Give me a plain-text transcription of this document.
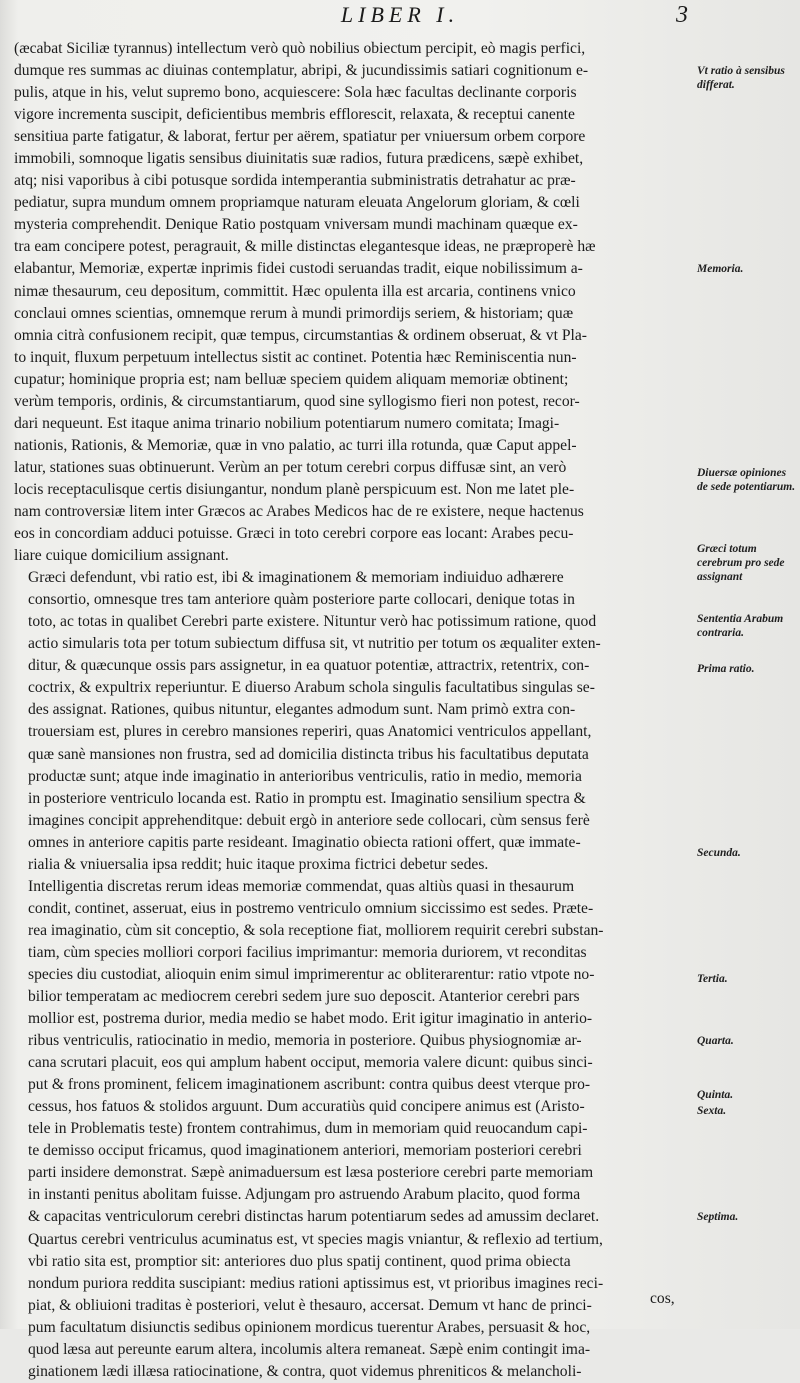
LIBER I.	3
(æcabat Siciliæ tyrannus) intellectum verò quò nobilius obiectum percipit, eò magis perfici,
dumque res summas ac diuinas contemplatur, abripi, & jucundissimis satiari cognitionum e-
pulis, atque in his, velut supremo bono, acquiescere: Sola hæc facultas declinante corporis
vigore incrementa suscipit, deficientibus membris efflorescit, relaxata, & receptui canente
sensitiua parte fatigatur, & laborat, fertur per aërem, spatiatur per vniuersum orbem corpore
immobili, somnoque ligatis sensibus diuinitatis suæ radios, futura prædicens, sæpè exhibet,
atq; nisi vaporibus à cibi potusque sordida intemperantia subministratis detrahatur ac præ-
pediatur, supra mundum omnem propriamque naturam eleuata Angelorum gloriam, & cœli
mysteria comprehendit. Denique Ratio postquam vniversam mundi machinam quæque ex-
tra eam concipere potest, peragrauit, & mille distinctas elegantesque ideas, ne præproperè hæ
elabantur, Memoriæ, expertæ inprimis fidei custodi seruandas tradit, eique nobilissimum a-
nimæ thesaurum, ceu depositum, committit. Hæc opulenta illa est arcaria, continens vnico
conclaui omnes scientias, omnemque rerum à mundi primordijs seriem, & historiam; quæ
omnia citrà confusionem recipit, quæ tempus, circumstantias & ordinem obseruat, & vt Pla-
to inquit, fluxum perpetuum intellectus sistit ac continet. Potentia hæc Reminiscentia nun-
cupatur; hominique propria est; nam belluæ speciem quidem aliquam memoriæ obtinent;
verùm temporis, ordinis, & circumstantiarum, quod sine syllogismo fieri non potest, recor-
dari nequeunt. Est itaque anima trinario nobilium potentiarum numero comitata; Imagi-
nationis, Rationis, & Memoriæ, quæ in vno palatio, ac turri illa rotunda, quæ Caput appel-
latur, stationes suas obtinuerunt. Verùm an per totum cerebri corpus diffusæ sint, an verò
locis receptaculisque certis disiungantur, nondum planè perspicuum est. Non me latet ple-
nam controversiæ litem inter Græcos ac Arabes Medicos hac de re existere, neque hactenus
eos in concordiam adduci potuisse. Græci in toto cerebri corpore eas locant: Arabes pecu-
liare cuique domicilium assignant.
Græci defendunt, vbi ratio est, ibi & imaginationem & memoriam indiuiduo adhærere
consortio, omnesque tres tam anteriore quàm posteriore parte collocari, denique totas in
toto, ac totas in qualibet Cerebri parte existere. Nituntur verò hac potissimum ratione, quod
actio simularis tota per totum subiectum diffusa sit, vt nutritio per totum os æqualiter exten-
ditur, & quæcunque ossis pars assignetur, in ea quatuor potentiæ, attractrix, retentrix, con-
coctrix, & expultrix reperiuntur. E diuerso Arabum schola singulis facultatibus singulas se-
des assignat. Rationes, quibus nituntur, elegantes admodum sunt. Nam primò extra con-
trouersiam est, plures in cerebro mansiones reperiri, quas Anatomici ventriculos appellant,
quæ sanè mansiones non frustra, sed ad domicilia distincta tribus his facultatibus deputata
productæ sunt; atque inde imaginatio in anterioribus ventriculis, ratio in medio, memoria
in posteriore ventriculo locanda est. Ratio in promptu est. Imaginatio sensilium spectra &
imagines concipit apprehenditque: debuit ergò in anteriore sede collocari, cùm sensus ferè
omnes in anteriore capitis parte resideant. Imaginatio obiecta rationi offert, quæ immate-
rialia & vniuersalia ipsa reddit; huic itaque proxima fictrici debetur sedes.
Intelligentia discretas rerum ideas memoriæ commendat, quas altiùs quasi in thesaurum
condit, continet, asseruat, eius in postremo ventriculo omnium siccissimo est sedes. Præte-
rea imaginatio, cùm sit conceptio, & sola receptione fiat, molliorem requirit cerebri substan-
tiam, cùm species molliori corpori facilius imprimantur: memoria duriorem, vt reconditas
species diu custodiat, alioquin enim simul imprimerentur ac obliterarentur: ratio vtpote no-
bilior temperatam ac mediocrem cerebri sedem jure suo deposcit. Atanterior cerebri pars
mollior est, postrema durior, media medio se habet modo. Erit igitur imaginatio in anterio-
ribus ventriculis, ratiocinatio in medio, memoria in posteriore. Quibus physiognomiæ ar-
cana scrutari placuit, eos qui amplum habent occiput, memoria valere dicunt: quibus sinci-
put & frons prominent, felicem imaginationem ascribunt: contra quibus deest vterque pro-
cessus, hos fatuos & stolidos arguunt. Dum accuratiùs quid concipere animus est (Aristo-
tele in Problematis teste) frontem contrahimus, dum in memoriam quid reuocandum capi-
te demisso occiput fricamus, quod imaginationem anteriori, memoriam posteriori cerebri
parti insidere demonstrat. Sæpè animaduersum est læsa posteriore cerebri parte memoriam
in instanti penitus abolitam fuisse. Adjungam pro astruendo Arabum placito, quod forma
& capacitas ventriculorum cerebri distinctas harum potentiarum sedes ad amussim declaret.
Quartus cerebri ventriculus acuminatus est, vt species magis vniantur, & reflexio ad tertium,
vbi ratio sita est, promptior sit: anteriores duo plus spatij continent, quod prima obiecta
nondum puriora reddita suscipiant: medius rationi aptissimus est, vt prioribus imagines reci-
piat, & obliuioni traditas è posteriori, velut è thesauro, accersat. Demum vt hanc de princi-
pum facultatum disiunctis sedibus opinionem mordicus tuerentur Arabes, persuasit & hoc,
quod læsa aut pereunte earum altera, incolumis altera remaneat. Sæpè enim contingit ima-
ginationem lædi illæsa ratiocinatione, & contra, quot videmus phreniticos & melancholi-
cos,
Vt ratio à sensibus differat.
Memoria.
Diuersæ opiniones de sede potentiarum.
Græci totum cerebrum pro sede assignant
Sententia Arabum contraria.
Prima ratio.
Secunda.
Tertia.
Quarta.
Quinta.
Sexta.
Septima.
